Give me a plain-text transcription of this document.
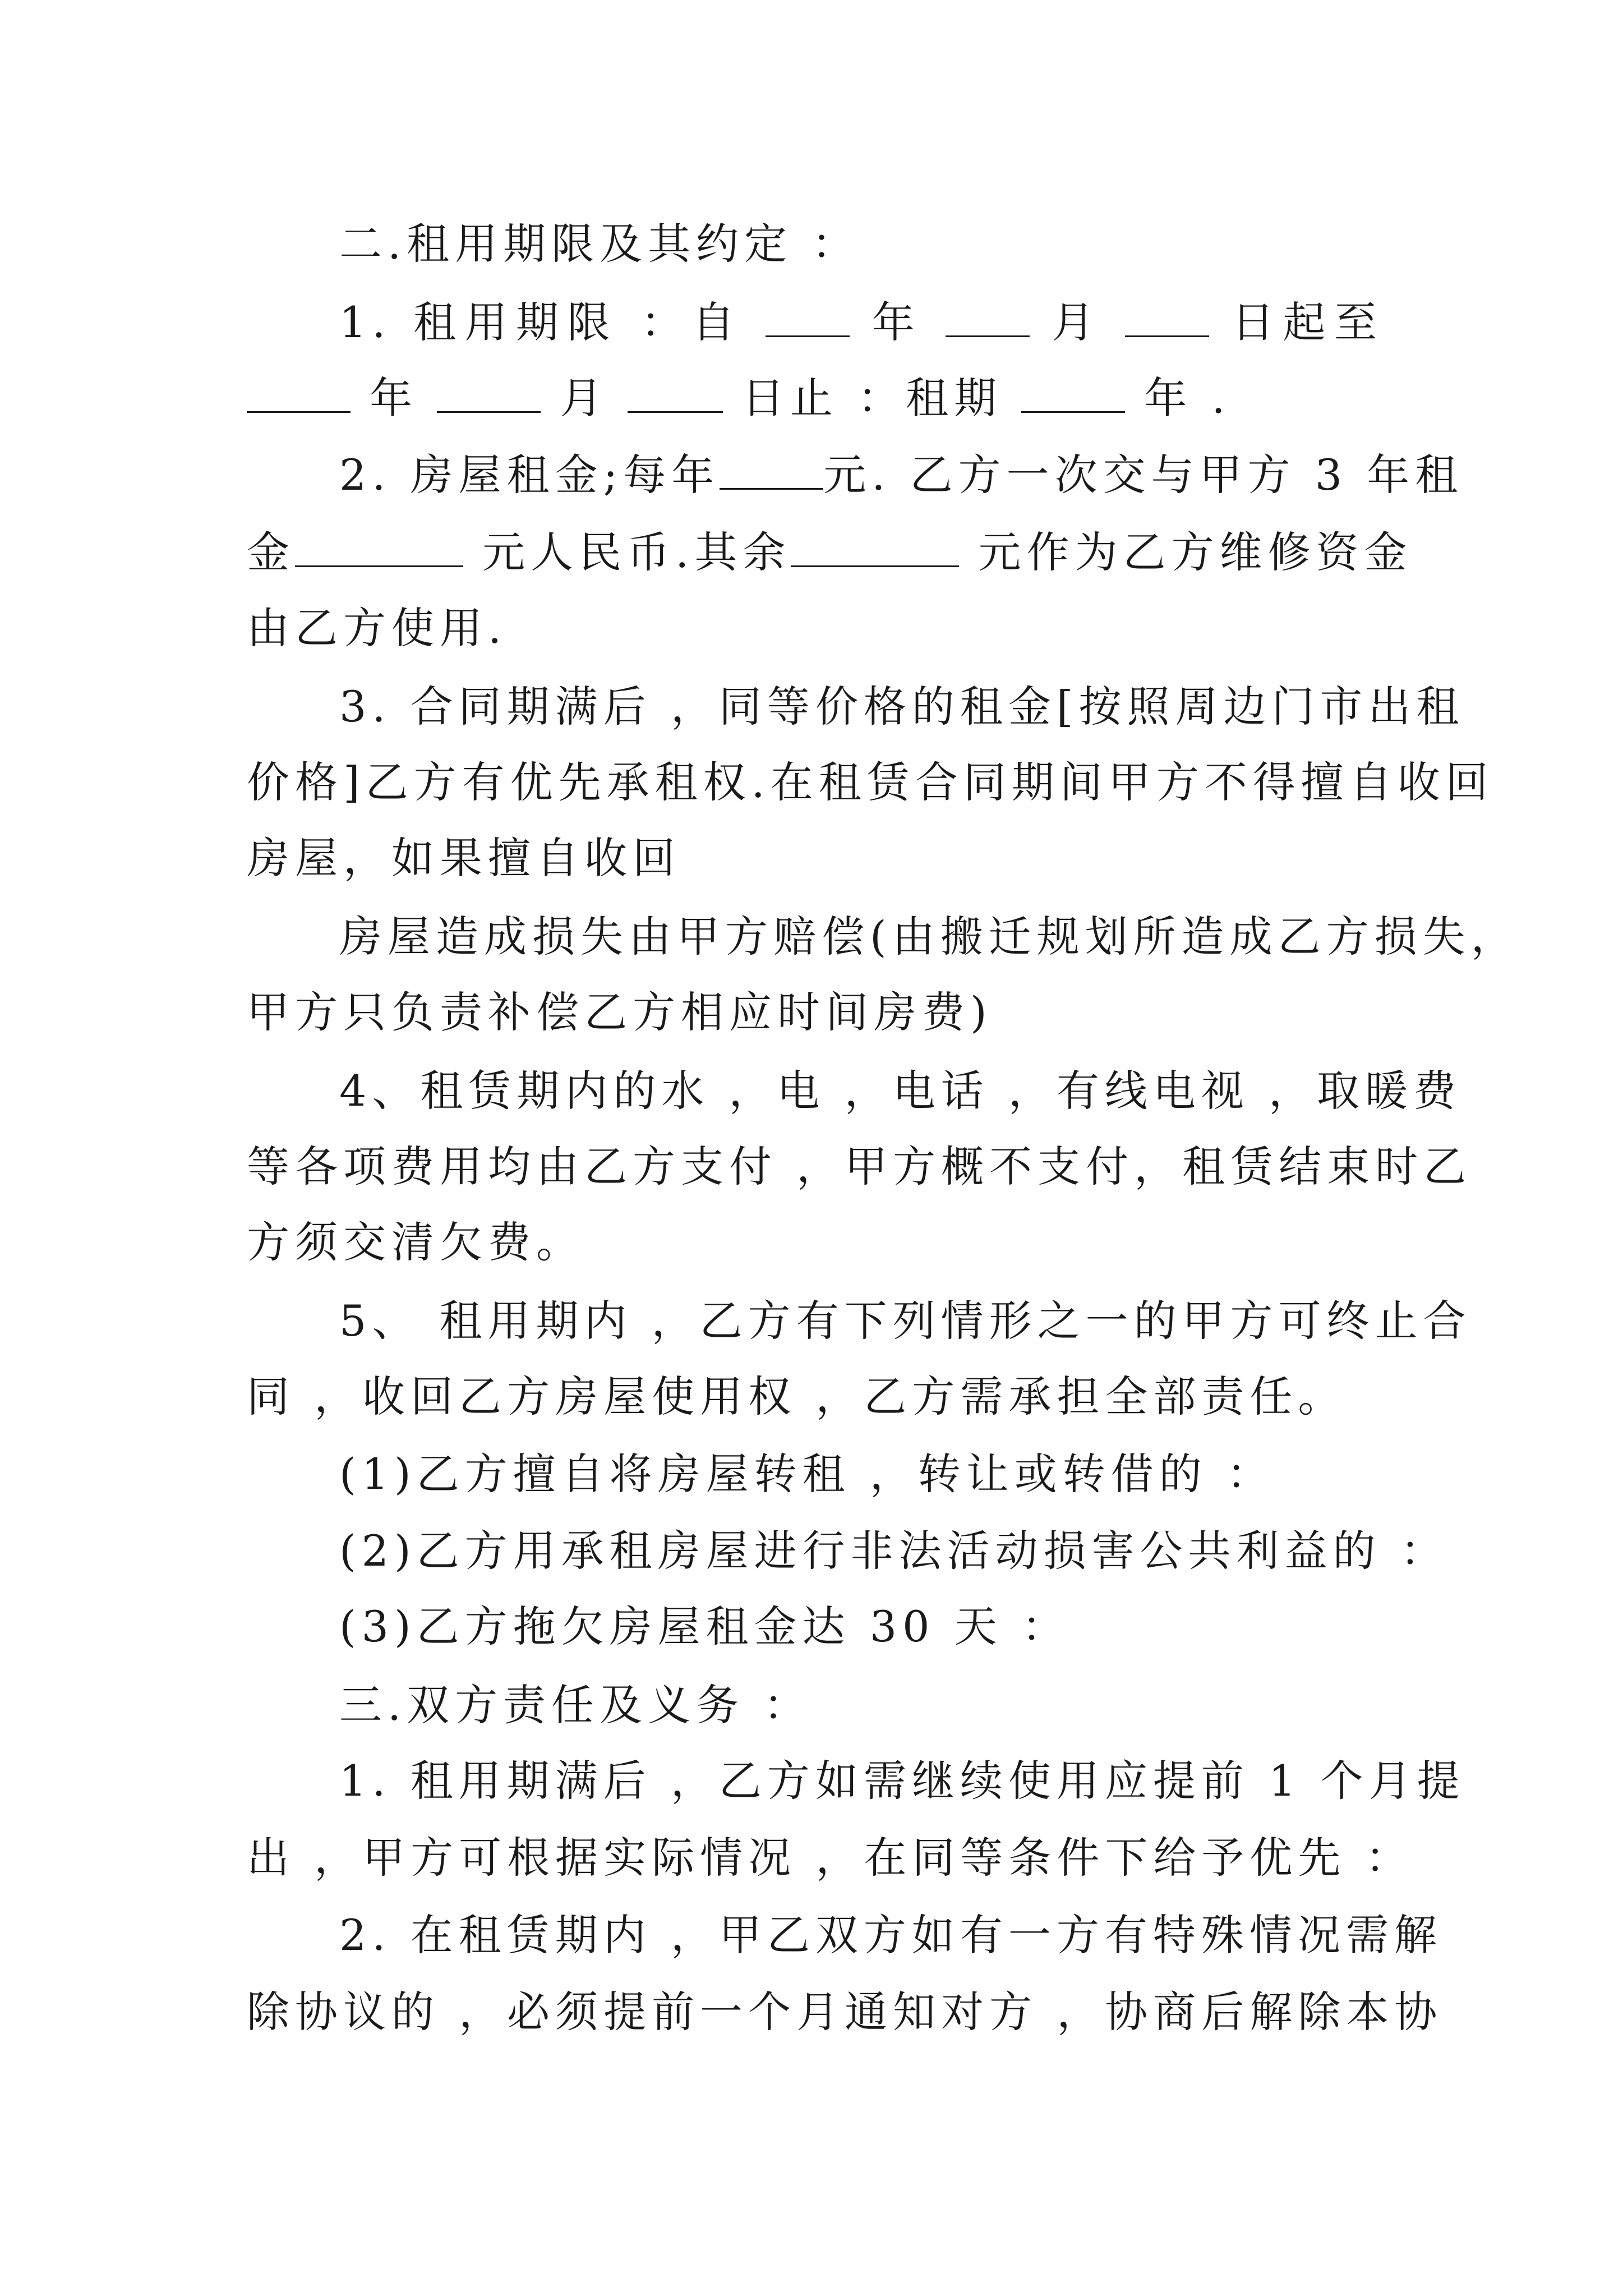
二.租用期限及其约定 ：
1. 租用期限 ：自	年	月	日起至
年	月	日止 ：租期	年 .
2. 房屋租金;每年 元. 乙方一次交与甲方 3 年租
金	元人民币.其余	元作为乙方维修资金
由乙方使用.
3. 合同期满后 ，同等价格的租金[按照周边门市出租
价格]乙方有优先承租权.在租赁合同期间甲方不得擅自收回
房屋，如果擅自收回
房屋造成损失由甲方赔偿(由搬迁规划所造成乙方损失，
甲方只负责补偿乙方相应时间房费)
4、租赁期内的水 ，电 ，电话 ，有线电视 ，取暖费
等各项费用均由乙方支付 ，甲方概不支付，租赁结束时乙
方须交清欠费。
5、 租用期内 ，乙方有下列情形之一的甲方可终止合
同 ，收回乙方房屋使用权 ，乙方需承担全部责任。
(1)乙方擅自将房屋转租 ，转让或转借的 ：
(2)乙方用承租房屋进行非法活动损害公共利益的 ：
(3)乙方拖欠房屋租金达 30 天 ：
三.双方责任及义务 ：
1. 租用期满后 ，乙方如需继续使用应提前 1 个月提
出 ，甲方可根据实际情况 ，在同等条件下给予优先 ：
2. 在租赁期内 ，甲乙双方如有一方有特殊情况需解
除协议的 ，必须提前一个月通知对方 ，协商后解除本协
